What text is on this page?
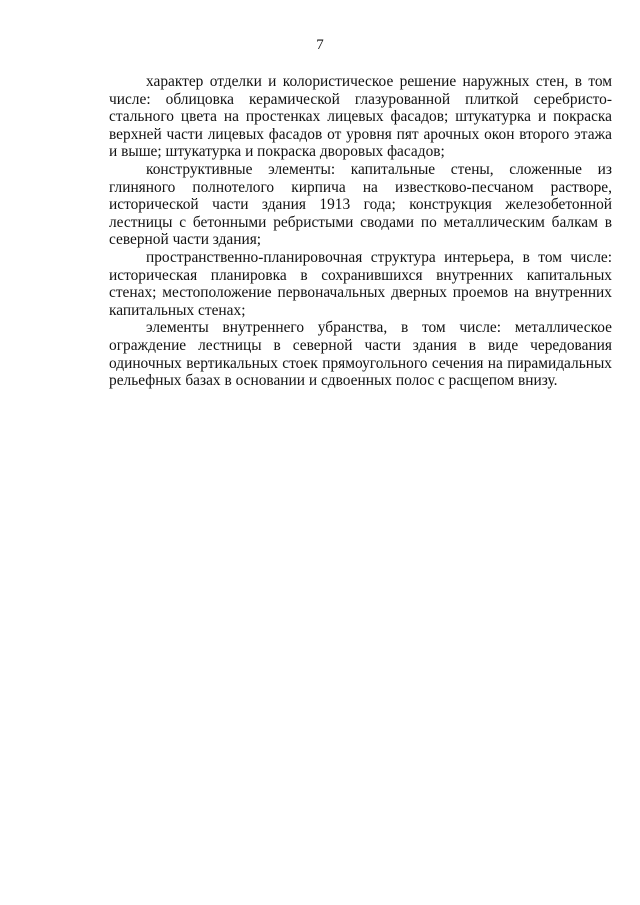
7

характер отделки и колористическое решение наружных стен, в том числе: облицовка керамической глазурованной плиткой серебристо-стального цвета на простенках лицевых фасадов; штукатурка и покраска верхней части лицевых фасадов от уровня пят арочных окон второго этажа и выше; штукатурка и покраска дворовых фасадов;

конструктивные элементы: капитальные стены, сложенные из глиняного полнотелого кирпича на известково-песчаном растворе, исторической части здания 1913 года; конструкция железобетонной лестницы с бетонными ребристыми сводами по металлическим балкам в северной части здания;

пространственно-планировочная структура интерьера, в том числе: историческая планировка в сохранившихся внутренних капитальных стенах; местоположение первоначальных дверных проемов на внутренних капитальных стенах;

элементы внутреннего убранства, в том числе: металлическое ограждение лестницы в северной части здания в виде чередования одиночных вертикальных стоек прямоугольного сечения на пирамидальных рельефных базах в основании и сдвоенных полос с расщепом внизу.
